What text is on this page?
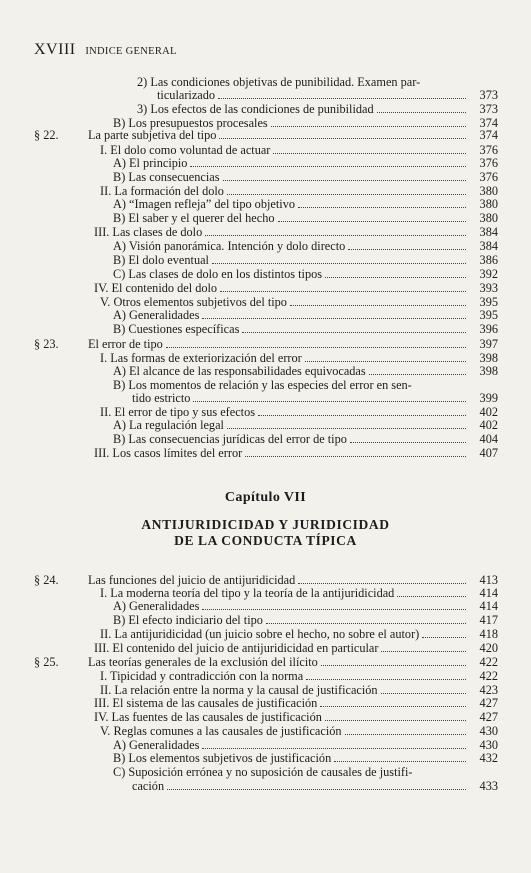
XVIII INDICE GENERAL
2) Las condiciones objetivas de punibilidad. Examen par-
ticularizado	373
3) Los efectos de las condiciones de punibilidad	373
B) Los presupuestos procesales	374
§ 22. La parte subjetiva del tipo	374
I. El dolo como voluntad de actuar	376
A) El principio	376
B) Las consecuencias	376
II. La formación del dolo	380
A) “Imagen refleja” del tipo objetivo	380
B) El saber y el querer del hecho	380
III. Las clases de dolo	384
A) Visión panorámica. Intención y dolo directo	384
B) El dolo eventual	386
C) Las clases de dolo en los distintos tipos	392
IV. El contenido del dolo	393
V. Otros elementos subjetivos del tipo	395
A) Generalidades	395
B) Cuestiones específicas	396
§ 23. El error de tipo	397
I. Las formas de exteriorización del error	398
A) El alcance de las responsabilidades equivocadas	398
B) Los momentos de relación y las especies del error en sen-
tido estricto	399
II. El error de tipo y sus efectos	402
A) La regulación legal	402
B) Las consecuencias jurídicas del error de tipo	404
III. Los casos límites del error	407
§ 24. Las funciones del juicio de antijuridicidad	413
I. La moderna teoría del tipo y la teoría de la antijuridicidad	414
A) Generalidades	414
B) El efecto indiciario del tipo	417
II. La antijuridicidad (un juicio sobre el hecho, no sobre el autor)	418
III. El contenido del juicio de antijuridicidad en particular	420
§ 25. Las teorías generales de la exclusión del ilícito	422
I. Tipicidad y contradicción con la norma	422
II. La relación entre la norma y la causal de justificación	423
III. El sistema de las causales de justificación	427
IV. Las fuentes de las causales de justificación	427
V. Reglas comunes a las causales de justificación	430
A) Generalidades	430
B) Los elementos subjetivos de justificación	432
C) Suposición errónea y no suposición de causales de justifi-
cación	433
Capítulo VII
ANTIJURIDICIDAD Y JURIDICIDAD
DE LA CONDUCTA TÍPICA
